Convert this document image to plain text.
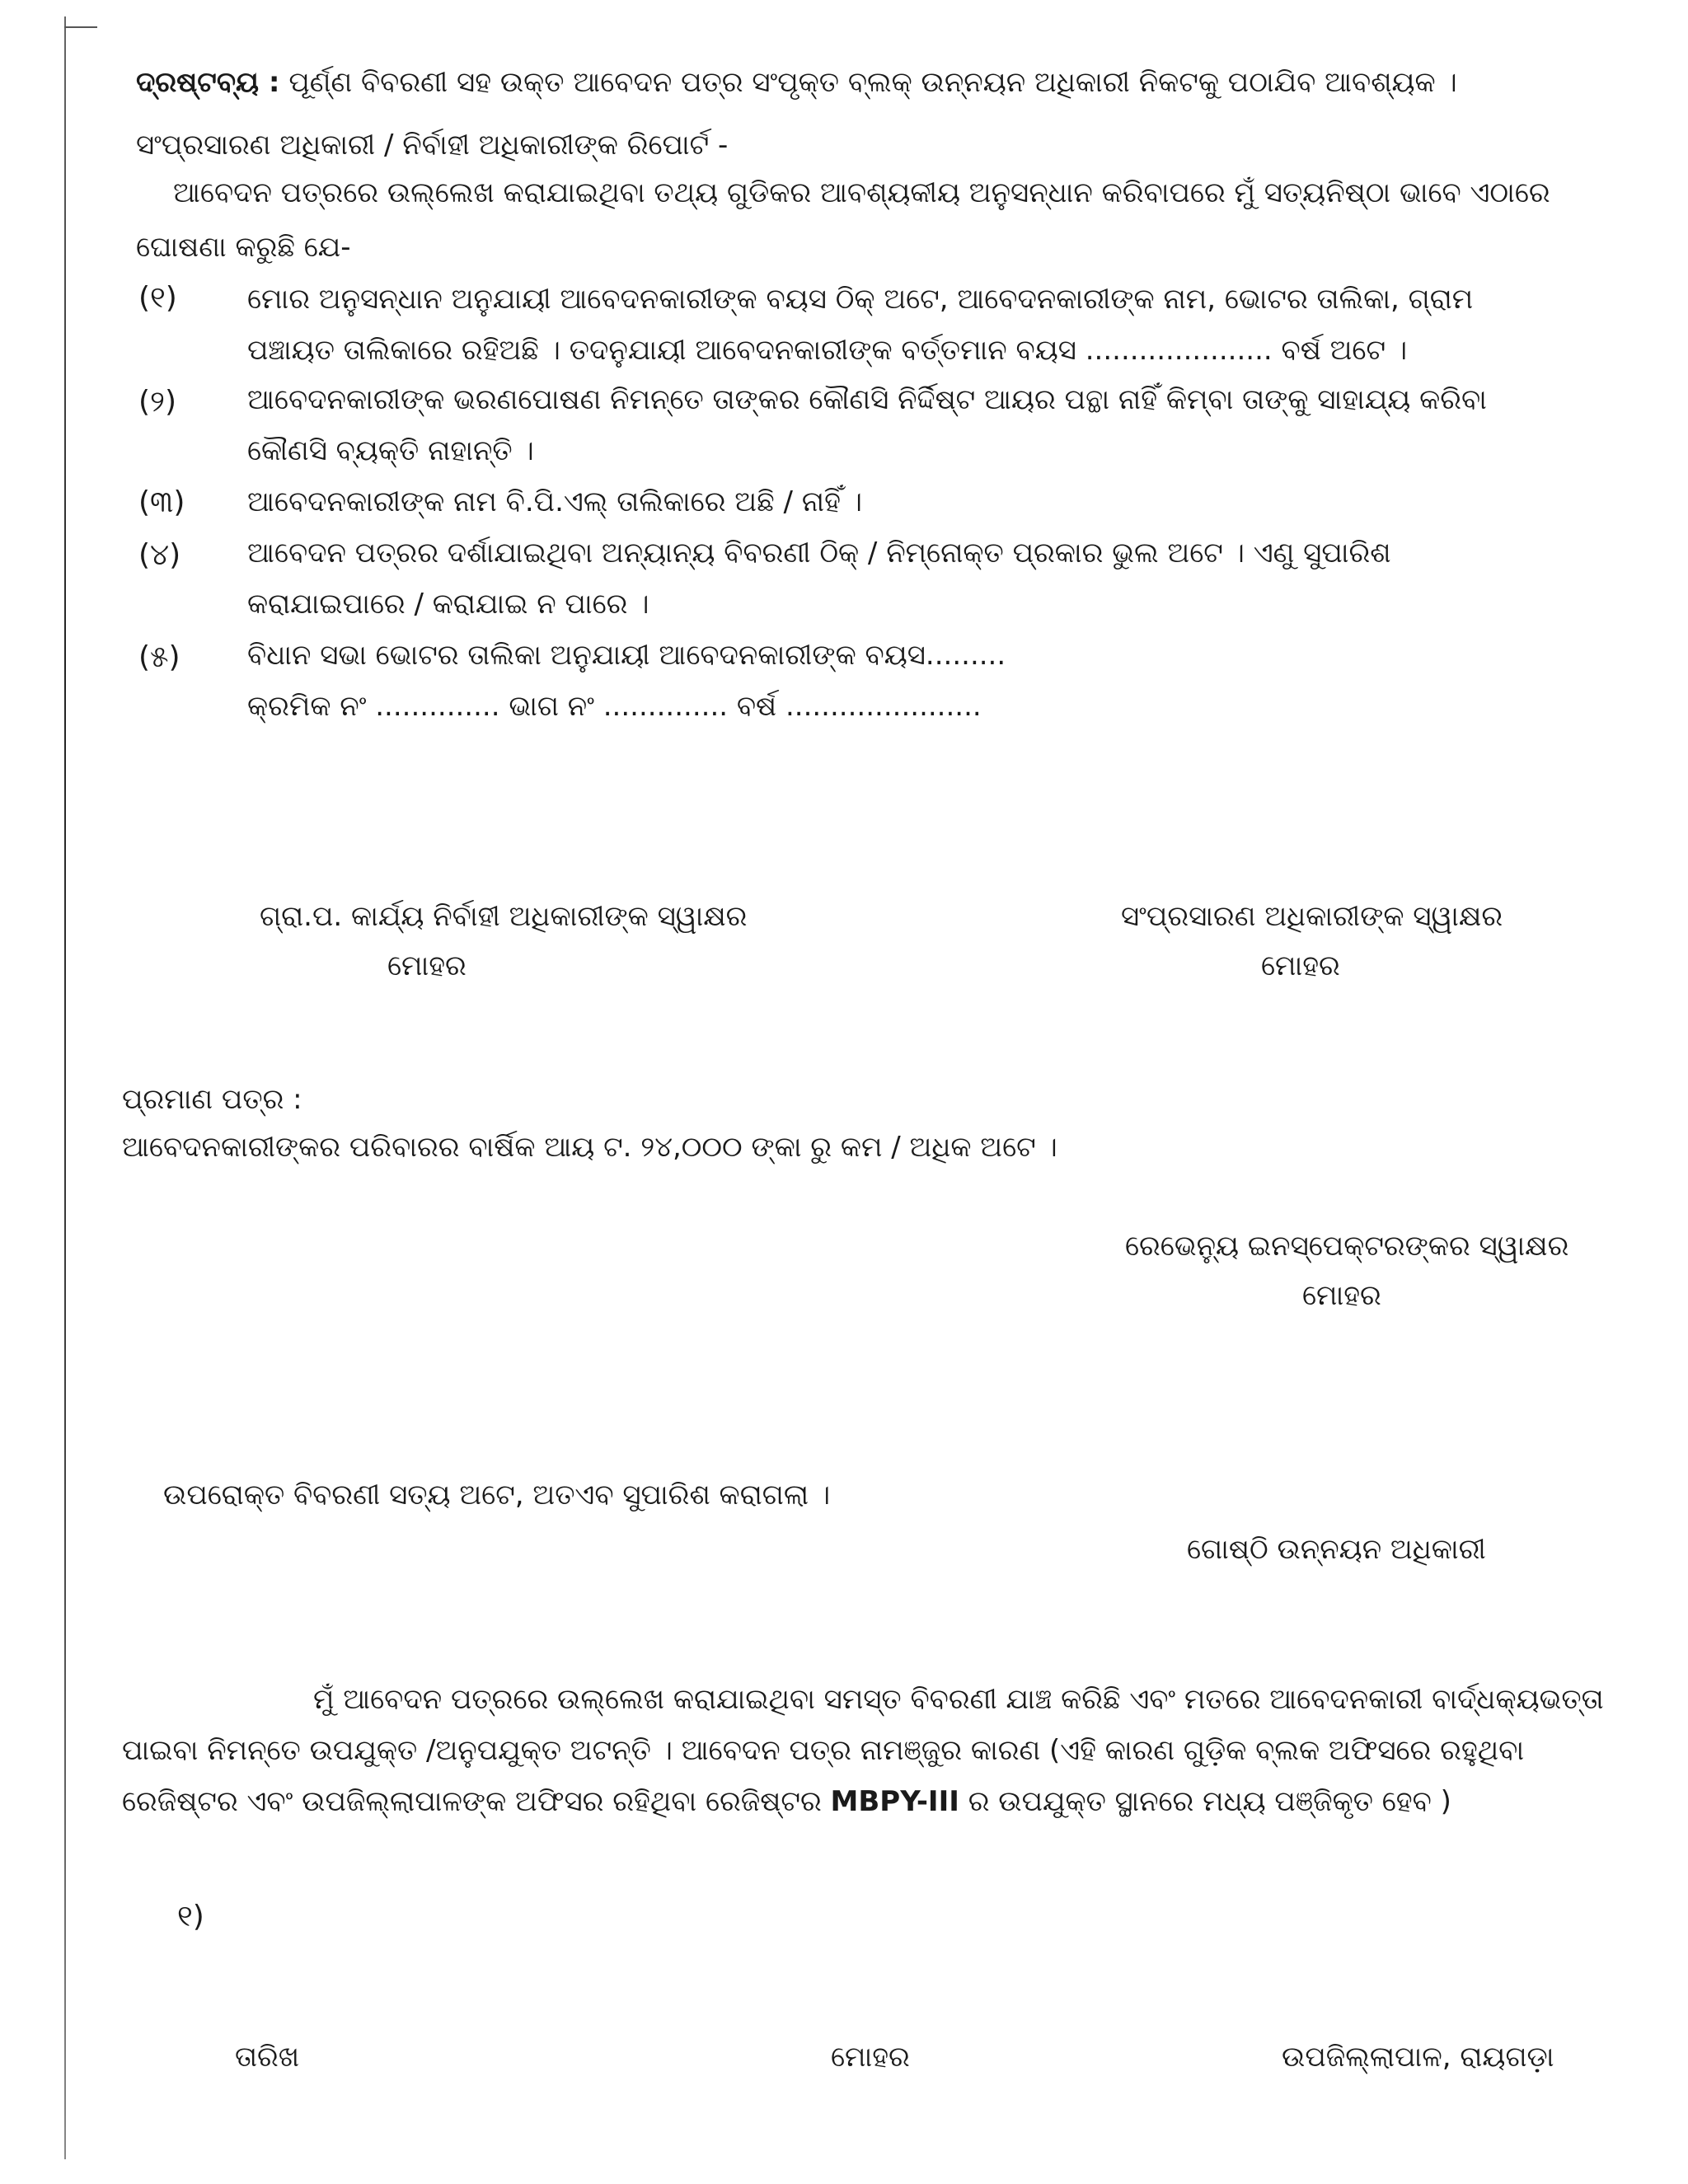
ଦ୍ରଷ୍ଟବ୍ୟ : ପୂର୍ଣ୍ଣ ବିବରଣୀ ସହ ଉକ୍ତ ଆବେଦନ ପତ୍ର ସଂପୃକ୍ତ ବ୍ଲକ୍ ଉନ୍ନୟନ ଅଧିକାରୀ ନିକଟକୁ ପଠାଯିବ ଆବଶ୍ୟକ ।
ସଂପ୍ରସାରଣ ଅଧିକାରୀ / ନିର୍ବାହୀ ଅଧିକାରୀଙ୍କ ରିପୋର୍ଟ -
ଆବେଦନ ପତ୍ରରେ ଉଲ୍ଲେଖ କରାଯାଇଥିବା ତଥ୍ୟ ଗୁଡିକର ଆବଶ୍ୟକୀୟ ଅନୁସନ୍ଧାନ କରିବାପରେ ମୁଁ ସତ୍ୟନିଷ୍ଠା ଭାବେ ଏଠାରେ
ଘୋଷଣା କରୁଛି ଯେ-
(୧)	ମୋର ଅନୁସନ୍ଧାନ ଅନୁଯାୟୀ ଆବେଦନକାରୀଙ୍କ ବୟସ ଠିକ୍ ଅଟେ, ଆବେଦନକାରୀଙ୍କ ନାମ, ଭୋଟର ତାଲିକା, ଗ୍ରାମ ପଞ୍ଚାୟତ ତାଲିକାରେ ରହିଅଛି । ତଦନୁଯାୟୀ ଆବେଦନକାରୀଙ୍କ ବର୍ତ୍ତମାନ ବୟସ ..................... ବର୍ଷ ଅଟେ ।
(୨)	ଆବେଦନକାରୀଙ୍କ ଭରଣପୋଷଣ ନିମନ୍ତେ ତାଙ୍କର କୌଣସି ନିର୍ଦ୍ଦିଷ୍ଟ ଆୟର ପନ୍ଥା ନାହିଁ କିମ୍ବା ତାଙ୍କୁ ସାହାଯ୍ୟ କରିବା କୌଣସି ବ୍ୟକ୍ତି ନାହାନ୍ତି ।
(୩) ଆବେଦନକାରୀଙ୍କ ନାମ ବି.ପି.ଏଲ୍ ତାଲିକାରେ ଅଛି / ନାହିଁ ।
(୪) ଆବେଦନ ପତ୍ରର ଦର୍ଶାଯାଇଥିବା ଅନ୍ୟାନ୍ୟ ବିବରଣୀ ଠିକ୍ / ନିମ୍ନୋକ୍ତ ପ୍ରକାର ଭୁଲ ଅଟେ । ଏଣୁ ସୁପାରିଶ କରାଯାଇପାରେ / କରାଯାଇ ନ ପାରେ ।
(୫) ବିଧାନ ସଭା ଭୋଟର ତାଲିକା ଅନୁଯାୟୀ ଆବେଦନକାରୀଙ୍କ ବୟସ......... କ୍ରମିକ ନଂ .............. ଭାଗ ନଂ .............. ବର୍ଷ ......................
ଗ୍ରା.ପ. କାର୍ଯ୍ୟ ନିର୍ବାହୀ ଅଧିକାରୀଙ୍କ ସ୍ୱାକ୍ଷର
ମୋହର
ସଂପ୍ରସାରଣ ଅଧିକାରୀଙ୍କ ସ୍ୱାକ୍ଷର
ମୋହର
ପ୍ରମାଣ ପତ୍ର :
ଆବେଦନକାରୀଙ୍କର ପରିବାରର ବାର୍ଷିକ ଆୟ ଟ. ୨୪,୦୦୦ ଙ୍କା ରୁ କମ / ଅଧିକ ଅଟେ ।
ରେଭେନ୍ୟୁ ଇନସ୍‌ପେକ୍ଟରଙ୍କର ସ୍ୱାକ୍ଷର
ମୋହର
ଉପରୋକ୍ତ ବିବରଣୀ ସତ୍ୟ ଅଟେ, ଅତଏବ ସୁପାରିଶ କରାଗଲା ।
ଗୋଷ୍ଠି ଉନ୍ନୟନ ଅଧିକାରୀ
ମୁଁ ଆବେଦନ ପତ୍ରରେ ଉଲ୍ଲେଖ କରାଯାଇଥିବା ସମସ୍ତ ବିବରଣୀ ଯାଞ୍ଚ କରିଛି ଏବଂ ମତରେ ଆବେଦନକାରୀ ବାର୍ଦ୍ଧକ୍ୟଭତ୍ତା
ପାଇବା ନିମନ୍ତେ ଉପଯୁକ୍ତ /ଅନୁପଯୁକ୍ତ ଅଟନ୍ତି । ଆବେଦନ ପତ୍ର ନାମଞ୍ଜୁର କାରଣ (ଏହି କାରଣ ଗୁଡ଼ିକ ବ୍ଲକ ଅଫିସରେ ରହୁଥିବା
ରେଜିଷ୍ଟର ଏବଂ ଉପଜିଲ୍ଲାପାଳଙ୍କ ଅଫିସର ରହିଥିବା ରେଜିଷ୍ଟର MBPY-III ର ଉପଯୁକ୍ତ ସ୍ଥାନରେ ମଧ୍ୟ ପଞ୍ଜିକୃତ ହେବ )
୧)
ତାରିଖ	ମୋହର	ଉପଜିଲ୍ଲାପାଳ, ରାୟଗଡ଼ା
